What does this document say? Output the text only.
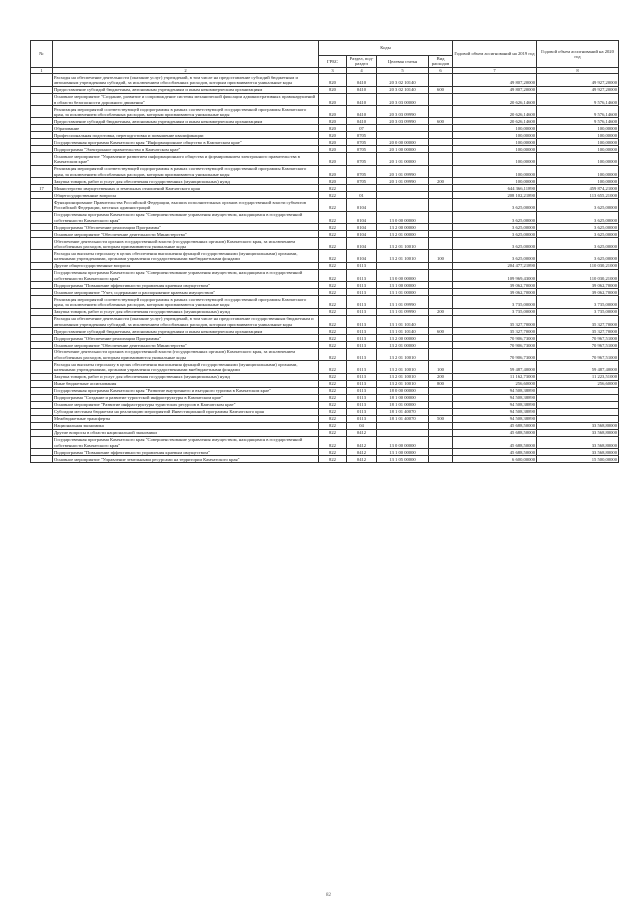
№		Коды				Годовой объем ассигнований на 2019 год	Годовой объем ассигнований на 2020 год
		ГРБС	Раздел, под-раздел	Целевая статья	Вид расходов		
1	2	3	4	5	6	7	8
	Расходы на обеспечение деятельности (оказание услуг) учреждений, в том числе на предоставление субсидий бюджетным и автономным учреждениям субсидий, за исключением обособленных расходов, которым присваиваются уникальные коды	820	0410	20 3 02 10140		49 807,20000	49 927,20000
	Предоставление субсидий бюджетным, автономным учреждениям и иным некоммерческим организациям	820	0410	20 3 02 10140	600	49 807,20000	49 927,20000
	Основное мероприятие "Создание, развитие и сопровождение системы механической фиксации административных правонарушений в области безопасности дорожного движения"	820	0410	20 3 03 00000		20 626,14600	9 576,14600
	Реализация мероприятий соответствующей подпрограммы в рамках соответствующей государственной программы Камчатского края, за исключением обособленных расходов, которым присваиваются уникальные коды	820	0410	20 3 03 09990		20 626,14600	9 576,14600
	Предоставление субсидий бюджетным, автономным учреждениям и иным некоммерческим организациям	820	0410	20 3 03 09990	600	20 626,14600	9 576,14600
	Образование	820	07			100,00000	100,00000
	Профессиональная подготовка, переподготовка и повышение квалификации	820	0705			100,00000	100,00000
	Государственная программа Камчатского края "Информационное общество в Камчатском крае"	820	0705	20 0 00 00000		100,00000	100,00000
	Подпрограмма "Электронное правительство в Камчатском крае"	820	0705	20 1 00 00000		100,00000	100,00000
	Основное мероприятие "Управление развитием информационного общества и формированием электронного правительства в Камчатском крае"	820	0705	20 1 01 00000		100,00000	100,00000
	Реализация мероприятий соответствующей подпрограммы в рамках соответствующей государственной программы Камчатского края, за исключением обособленных расходов, которым присваиваются уникальные коды	820	0705	20 1 01 09990		100,00000	100,00000
	Закупка товаров, работ и услуг для обеспечения государственных (муниципальных) нужд	820	0705	20 1 01 09990	200	100,00000	100,00000
17	Министерство имущественных и земельных отношений Камчатского края	822				644 366,11890	459 874,21000
	Общегосударственные вопросы	822	01			208 102,21890	113 655,21000
	Функционирование Правительства Российской Федерации, высших исполнительных органов государственной власти субъектов Российской Федерации, местных администраций	822	0104			3 625,00000	3 625,00000
	Государственная программа Камчатского края "Совершенствование управления имуществом, находящимся в государственной собственности Камчатского края"	822	0104	13 0 00 00000		3 625,00000	3 625,00000
	Подпрограмма "Обеспечение реализации Программы"	822	0104	13 2 00 00000		3 625,00000	3 625,00000
	Основное мероприятие "Обеспечение деятельности Министерства"	822	0104	13 2 01 00000		3 625,00000	3 625,00000
	Обеспечение деятельности органов государственной власти (государственных органов) Камчатского края, за исключением обособленных расходов, которым присваиваются уникальные коды	822	0104	13 2 01 10010		3 625,00000	3 625,00000
	Расходы на выплаты персоналу в целях обеспечения выполнения функций государственными (муниципальными) органами, казенными учреждениями, органами управления государственными внебюджетными фондами	822	0104	13 2 01 10010	100	3 625,00000	3 625,00000
	Другие общегосударственные вопросы	822	0113			204 477,21890	110 030,21000
	Государственная программа Камчатского края "Совершенствование управления имуществом, находящимся в государственной собственности Камчатского края"	822	0113	13 0 00 00000		109 969,43000	110 030,21000
	Подпрограмма "Повышение эффективности управления краевым имуществом"	822	0113	13 1 00 00000		39 062,70000	39 062,70000
	Основное мероприятие "Учет, содержание и распоряжение краевым имуществом"	822	0113	13 1 01 00000		39 062,70000	39 062,70000
	Реализация мероприятий соответствующей подпрограммы в рамках соответствующей государственной программы Камчатского края, за исключением обособленных расходов, которым присваиваются уникальные коды	822	0113	13 1 01 09990		3 735,00000	3 735,00000
	Закупка товаров, работ и услуг для обеспечения государственных (муниципальных) нужд	822	0113	13 1 01 09990	200	3 735,00000	3 735,00000
	Расходы на обеспечение деятельности (оказание услуг) учреждений, в том числе на предоставление государственным бюджетным и автономным учреждениям субсидий, за исключением обособленных расходов, которым присваиваются уникальные коды	822	0113	13 1 01 10140		35 327,70000	35 327,70000
	Предоставление субсидий бюджетным, автономным учреждениям и иным некоммерческим организациям	822	0113	13 1 01 10140	600	35 327,70000	35 327,70000
	Подпрограмма "Обеспечение реализации Программы"	822	0113	13 2 00 00000		70 906,73000	70 967,51000
	Основное мероприятие "Обеспечение деятельности Министерства"	822	0113	13 2 01 00000		70 906,73000	70 967,51000
	Обеспечение деятельности органов государственной власти (государственных органов) Камчатского края, за исключением обособленных расходов, которым присваиваются уникальные коды	822	0113	13 2 01 10010		70 906,73000	70 967,51000
	Расходы на выплаты персоналу в целях обеспечения выполнения функций государственными (муниципальными) органами, казенными учреждениями, органами управления государственными внебюджетными фондами	822	0113	13 2 01 10010	100	59 487,40000	59 487,40000
	Закупка товаров, работ и услуг для обеспечения государственных (муниципальных) нужд	822	0113	13 2 01 10010	200	11 162,73000	11 223,51000
	Иные бюджетные ассигнования	822	0113	13 2 01 10010	800	256,60000	256,60000
	Государственная программа Камчатского края "Развитие внутреннего и въездного туризма в Камчатском крае"	822	0113	18 0 00 00000		94 508,38890	
	Подпрограмма "Создание и развитие туристской инфраструктуры в Камчатском крае"	822	0113	18 1 00 00000		94 508,38890	
	Основное мероприятие "Развитие инфраструктуры туристских ресурсов в Камчатском крае"	822	0113	18 1 01 00000		94 508,38890	
	Субсидии местным бюджетам на реализацию мероприятий Инвестиционной программы Камчатского края	822	0113	18 1 01 40070		94 508,38890	
	Межбюджетные трансферты	822	0113	18 1 01 40070	500	94 508,38890	
	Национальная экономика	822	04			45 688,50000	33 568,80000
	Другие вопросы в области национальной экономики	822	0412			45 688,50000	33 568,80000
	Государственная программа Камчатского края "Совершенствование управления имуществом, находящимся в государственной собственности Камчатского края"	822	0412	13 0 00 00000		45 688,50000	33 568,80000
	Подпрограмма "Повышение эффективности управления краевым имуществом"	822	0412	13 1 00 00000		45 688,50000	33 568,80000
	Основное мероприятие "Управление земельными ресурсами на территории Камчатского края"	822	0412	13 1 05 00000		6 600,00000	15 500,00000
82
